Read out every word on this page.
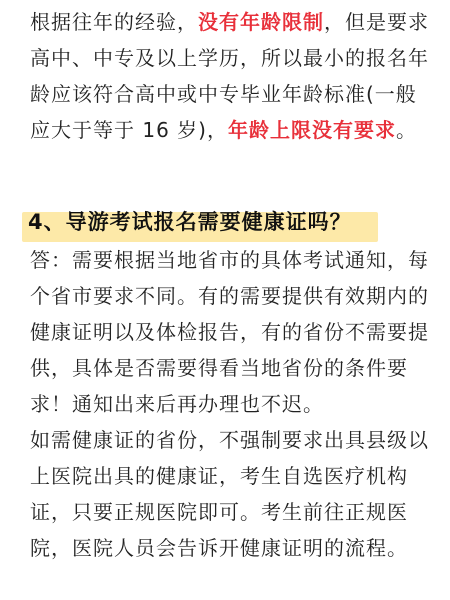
根据往年的经验，没有年龄限制，但是要求高中、中专及以上学历，所以最小的报名年龄应该符合高中或中专毕业年龄标准(一般应大于等于 16 岁)，年龄上限没有要求。

4、导游考试报名需要健康证吗？

答：需要根据当地省市的具体考试通知，每个省市要求不同。有的需要提供有效期内的健康证明以及体检报告，有的省份不需要提供，具体是否需要得看当地省份的条件要求！通知出来后再办理也不迟。

如需健康证的省份，不强制要求出具县级以上医院出具的健康证，考生自选医疗机构证，只要正规医院即可。考生前往正规医院，医院人员会告诉开健康证明的流程。
